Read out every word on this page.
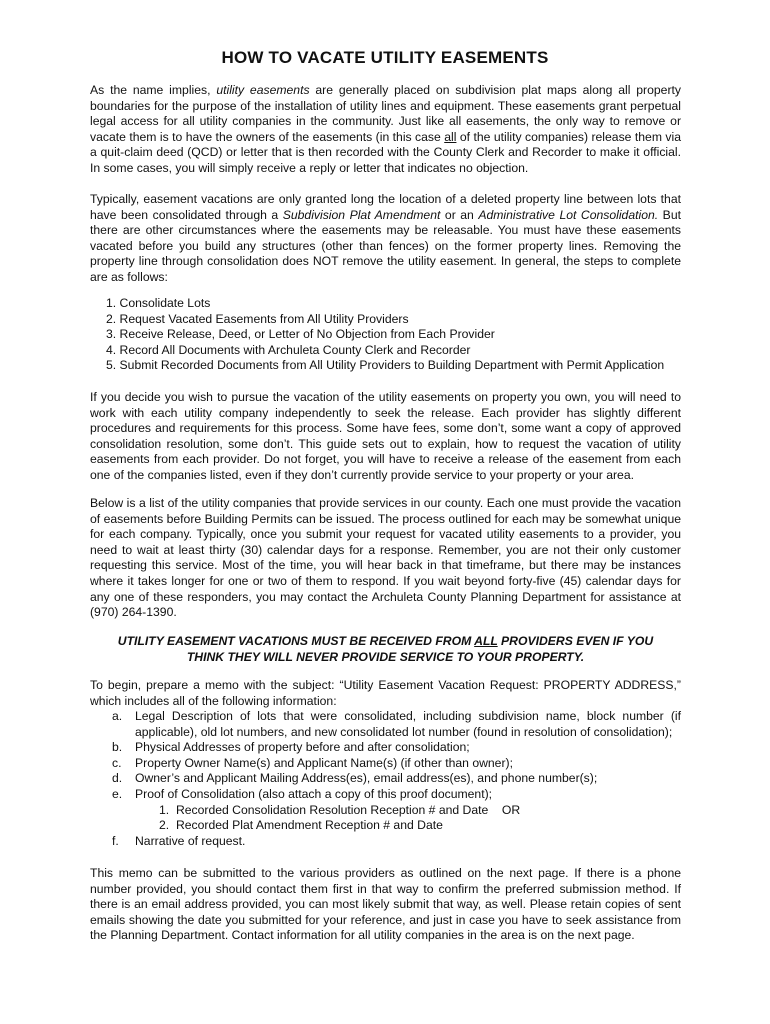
HOW TO VACATE UTILITY EASEMENTS

As the name implies, utility easements are generally placed on subdivision plat maps along all property boundaries for the purpose of the installation of utility lines and equipment. These easements grant perpetual legal access for all utility companies in the community. Just like all easements, the only way to remove or vacate them is to have the owners of the easements (in this case all of the utility companies) release them via a quit-claim deed (QCD) or letter that is then recorded with the County Clerk and Recorder to make it official. In some cases, you will simply receive a reply or letter that indicates no objection.

Typically, easement vacations are only granted long the location of a deleted property line between lots that have been consolidated through a Subdivision Plat Amendment or an Administrative Lot Consolidation. But there are other circumstances where the easements may be releasable. You must have these easements vacated before you build any structures (other than fences) on the former property lines. Removing the property line through consolidation does NOT remove the utility easement. In general, the steps to complete are as follows:

1. Consolidate Lots
2. Request Vacated Easements from All Utility Providers
3. Receive Release, Deed, or Letter of No Objection from Each Provider
4. Record All Documents with Archuleta County Clerk and Recorder
5. Submit Recorded Documents from All Utility Providers to Building Department with Permit Application

If you decide you wish to pursue the vacation of the utility easements on property you own, you will need to work with each utility company independently to seek the release. Each provider has slightly different procedures and requirements for this process. Some have fees, some don’t, some want a copy of approved consolidation resolution, some don’t. This guide sets out to explain, how to request the vacation of utility easements from each provider. Do not forget, you will have to receive a release of the easement from each one of the companies listed, even if they don’t currently provide service to your property or your area.

Below is a list of the utility companies that provide services in our county. Each one must provide the vacation of easements before Building Permits can be issued. The process outlined for each may be somewhat unique for each company. Typically, once you submit your request for vacated utility easements to a provider, you need to wait at least thirty (30) calendar days for a response. Remember, you are not their only customer requesting this service. Most of the time, you will hear back in that timeframe, but there may be instances where it takes longer for one or two of them to respond. If you wait beyond forty-five (45) calendar days for any one of these responders, you may contact the Archuleta County Planning Department for assistance at (970) 264-1390.

UTILITY EASEMENT VACATIONS MUST BE RECEIVED FROM ALL PROVIDERS EVEN IF YOU
THINK THEY WILL NEVER PROVIDE SERVICE TO YOUR PROPERTY.

To begin, prepare a memo with the subject: “Utility Easement Vacation Request: PROPERTY ADDRESS,” which includes all of the following information:

a. Legal Description of lots that were consolidated, including subdivision name, block number (if applicable), old lot numbers, and new consolidated lot number (found in resolution of consolidation);
b. Physical Addresses of property before and after consolidation;
c. Property Owner Name(s) and Applicant Name(s) (if other than owner);
d. Owner’s and Applicant Mailing Address(es), email address(es), and phone number(s);
e. Proof of Consolidation (also attach a copy of this proof document);
1. Recorded Consolidation Resolution Reception # and Date OR
2. Recorded Plat Amendment Reception # and Date
f. Narrative of request.

This memo can be submitted to the various providers as outlined on the next page. If there is a phone number provided, you should contact them first in that way to confirm the preferred submission method. If there is an email address provided, you can most likely submit that way, as well. Please retain copies of sent emails showing the date you submitted for your reference, and just in case you have to seek assistance from the Planning Department. Contact information for all utility companies in the area is on the next page.
